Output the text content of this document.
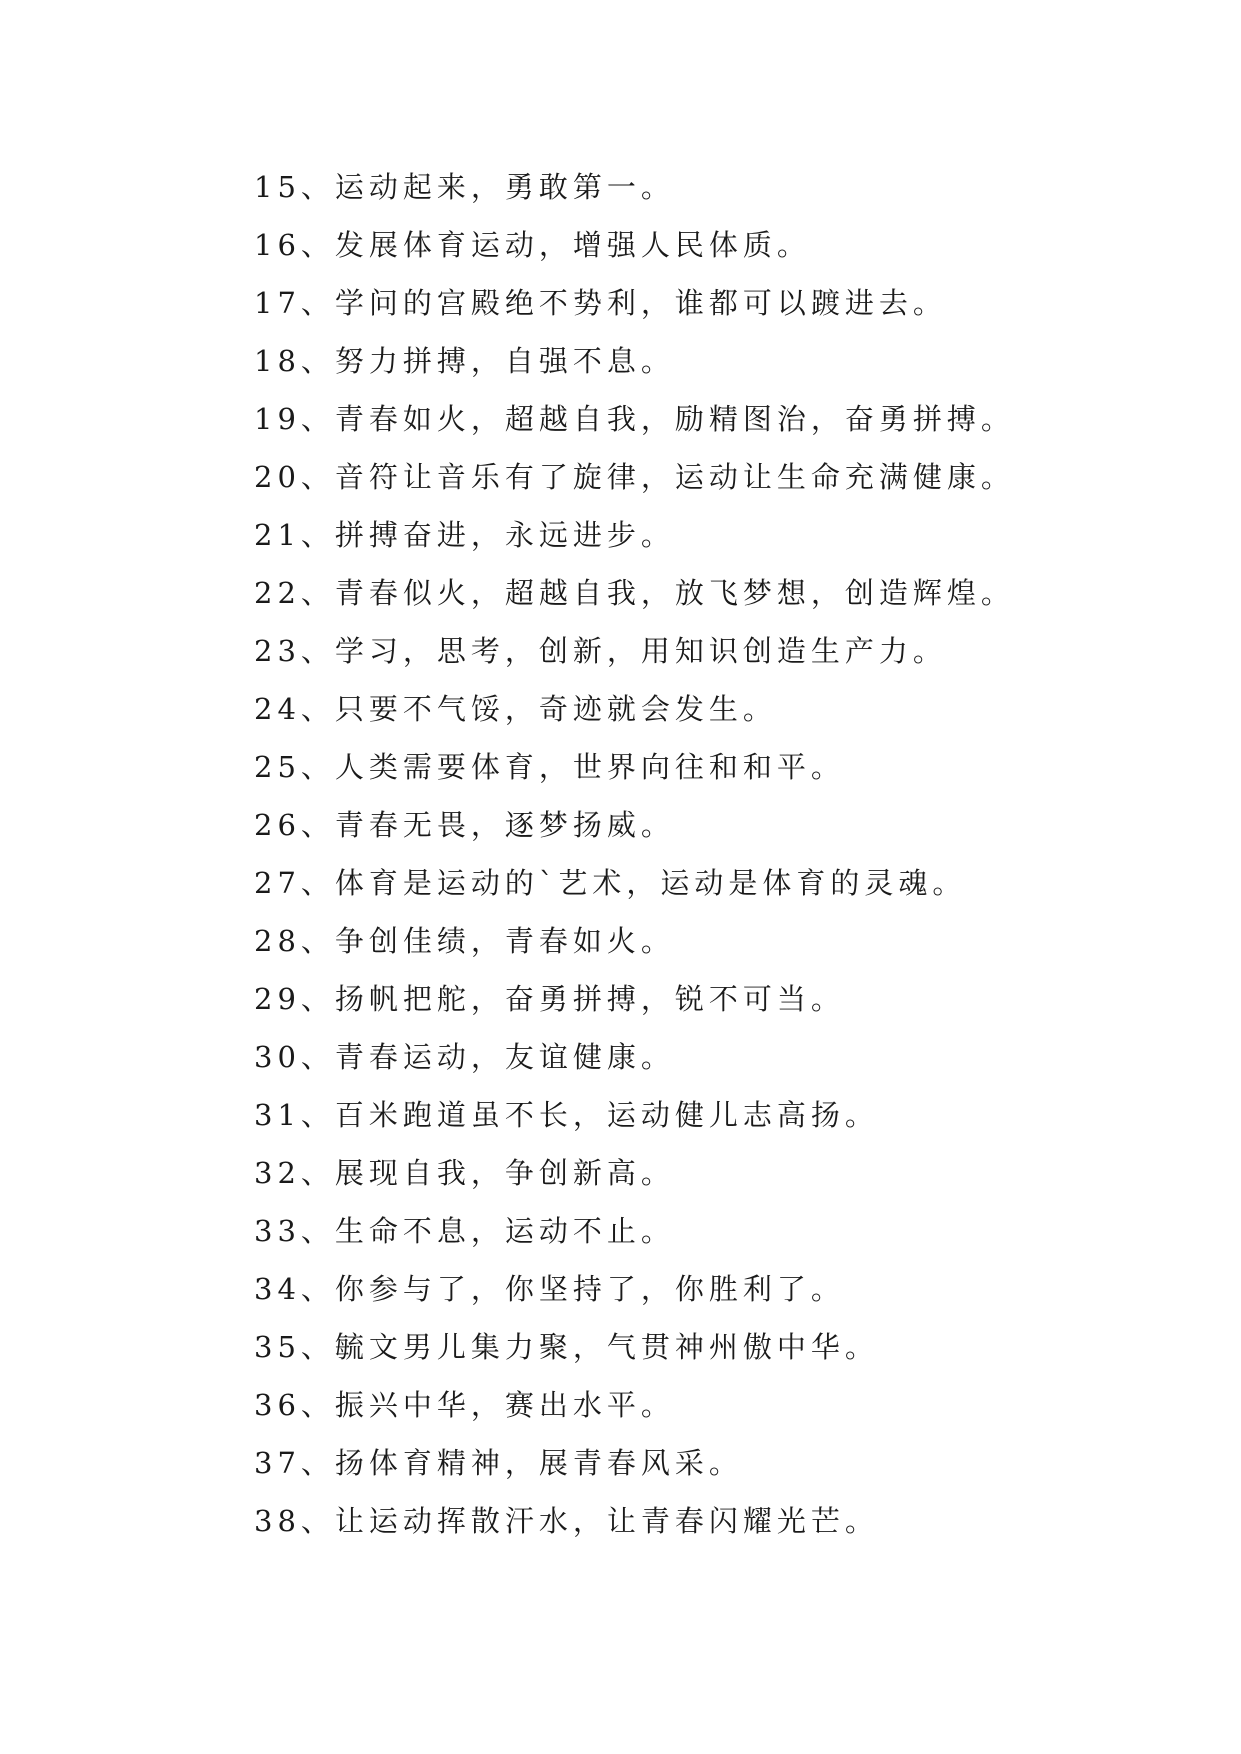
15、运动起来，勇敢第一。
16、发展体育运动，增强人民体质。
17、学问的宫殿绝不势利，谁都可以踱进去。
18、努力拼搏，自强不息。
19、青春如火，超越自我，励精图治，奋勇拼搏。
20、音符让音乐有了旋律，运动让生命充满健康。
21、拼搏奋进，永远进步。
22、青春似火，超越自我，放飞梦想，创造辉煌。
23、学习，思考，创新，用知识创造生产力。
24、只要不气馁，奇迹就会发生。
25、人类需要体育，世界向往和和平。
26、青春无畏，逐梦扬威。
27、体育是运动的`艺术，运动是体育的灵魂。
28、争创佳绩，青春如火。
29、扬帆把舵，奋勇拼搏，锐不可当。
30、青春运动，友谊健康。
31、百米跑道虽不长，运动健儿志高扬。
32、展现自我，争创新高。
33、生命不息，运动不止。
34、你参与了，你坚持了，你胜利了。
35、毓文男儿集力聚，气贯神州傲中华。
36、振兴中华，赛出水平。
37、扬体育精神，展青春风采。
38、让运动挥散汗水，让青春闪耀光芒。
